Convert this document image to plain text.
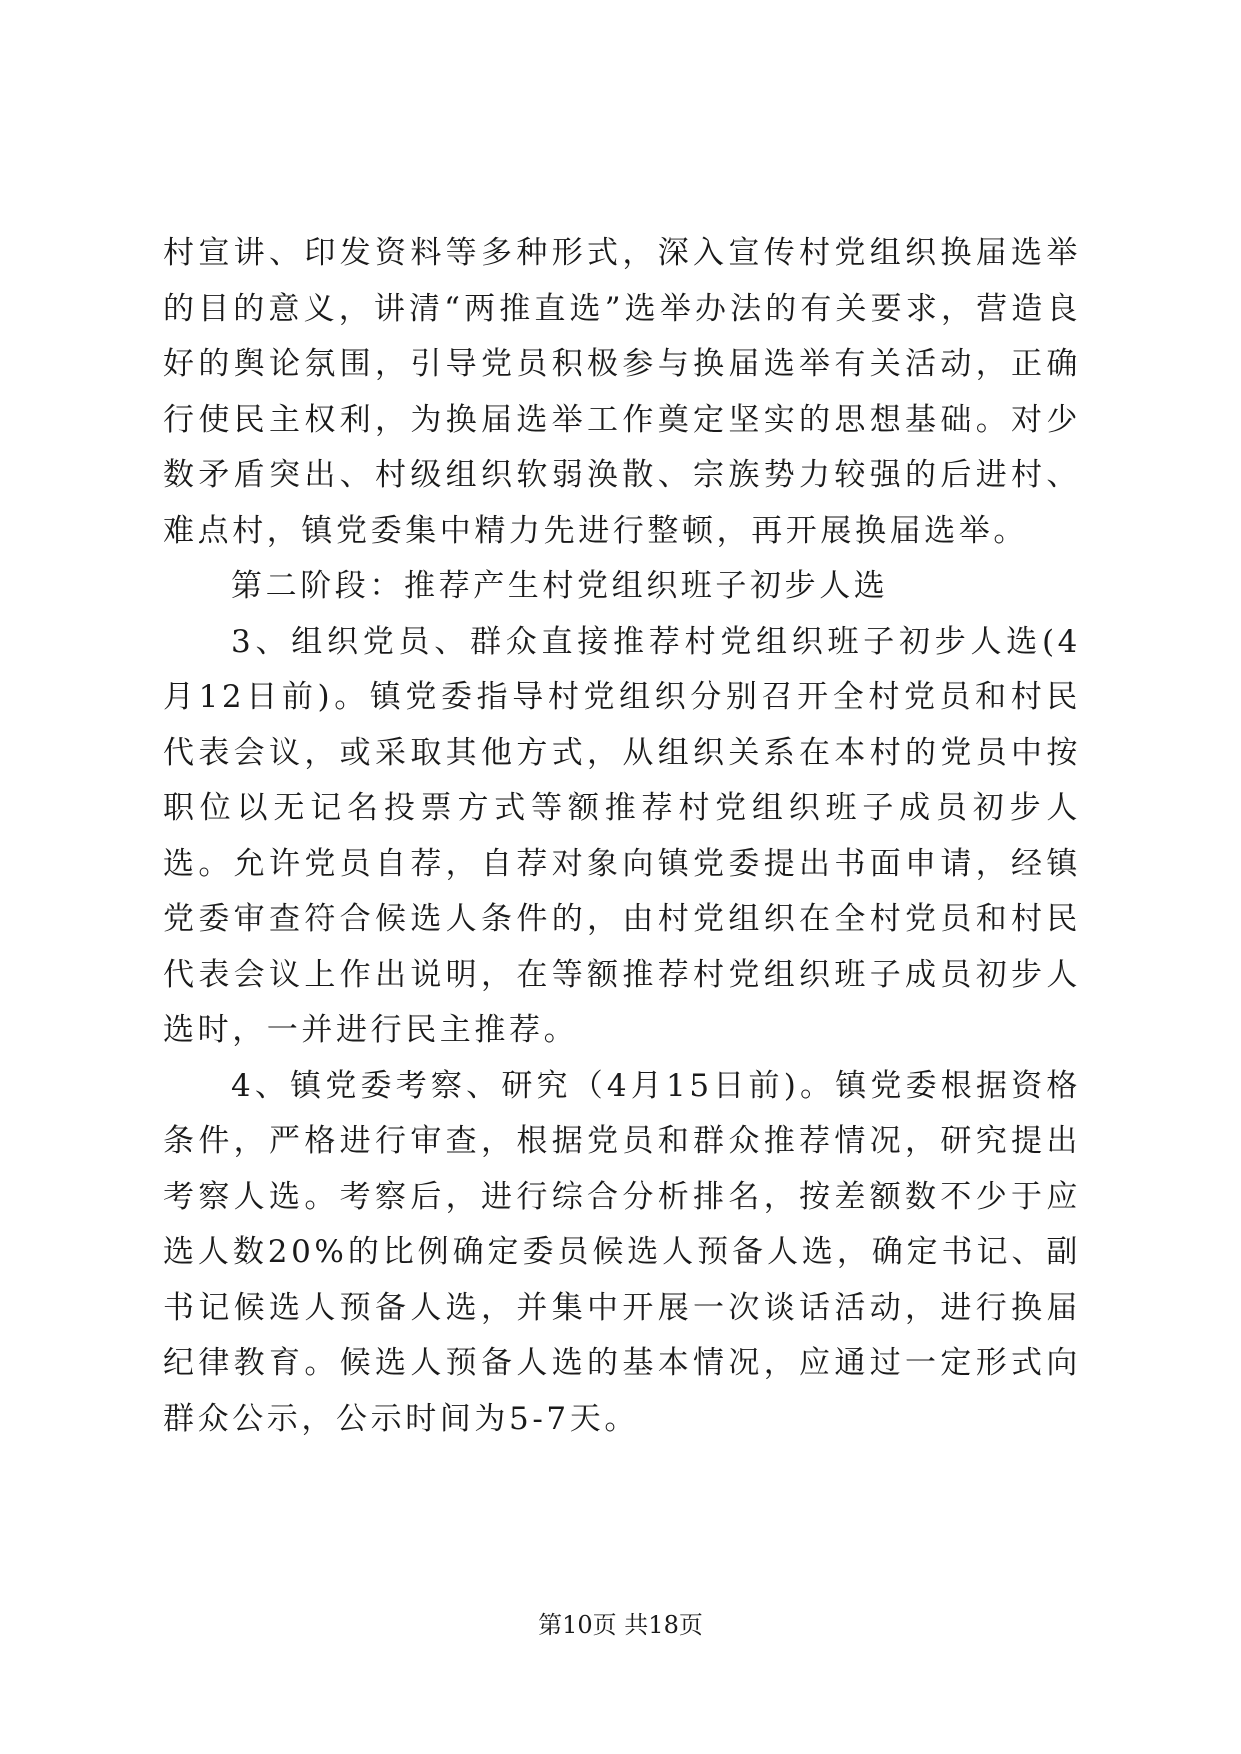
村宣讲、印发资料等多种形式，深入宣传村党组织换届选举的目的意义，讲清“两推直选”选举办法的有关要求，营造良好的舆论氛围，引导党员积极参与换届选举有关活动，正确行使民主权利，为换届选举工作奠定坚实的思想基础。对少数矛盾突出、村级组织软弱涣散、宗族势力较强的后进村、难点村，镇党委集中精力先进行整顿，再开展换届选举。

第二阶段：推荐产生村党组织班子初步人选

3、组织党员、群众直接推荐村党组织班子初步人选(4月12日前)。镇党委指导村党组织分别召开全村党员和村民代表会议，或采取其他方式，从组织关系在本村的党员中按职位以无记名投票方式等额推荐村党组织班子成员初步人选。允许党员自荐，自荐对象向镇党委提出书面申请，经镇党委审查符合候选人条件的，由村党组织在全村党员和村民代表会议上作出说明，在等额推荐村党组织班子成员初步人选时，一并进行民主推荐。

4、镇党委考察、研究（4月15日前)。镇党委根据资格条件，严格进行审查，根据党员和群众推荐情况，研究提出考察人选。考察后，进行综合分析排名，按差额数不少于应选人数20%的比例确定委员候选人预备人选，确定书记、副书记候选人预备人选，并集中开展一次谈话活动，进行换届纪律教育。候选人预备人选的基本情况，应通过一定形式向群众公示，公示时间为5-7天。

第10页 共18页
